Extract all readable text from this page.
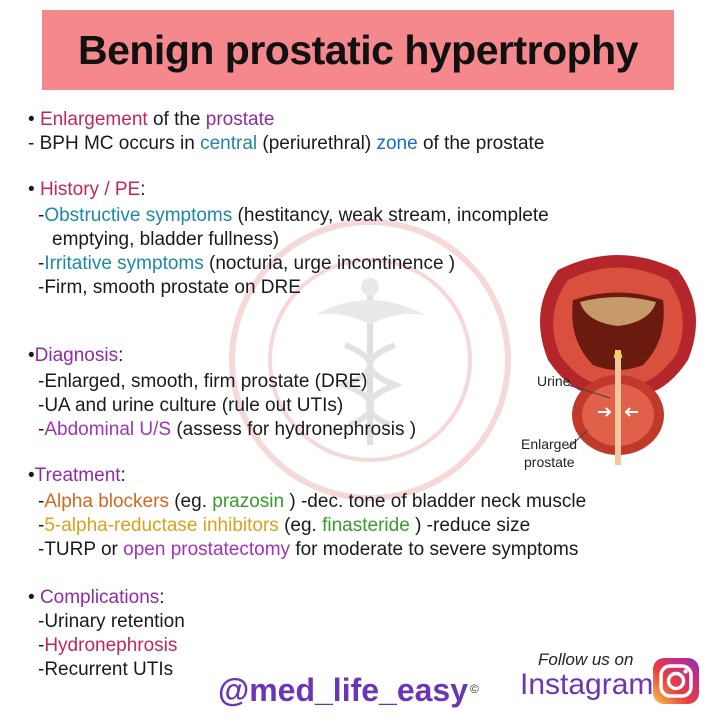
Benign prostatic hypertrophy
• Enlargement of the prostate
- BPH MC occurs in central (periurethral) zone of the prostate
• History / PE:
-Obstructive symptoms (hestitancy, weak stream, incomplete
emptying, bladder fullness)
-Irritative symptoms (nocturia, urge incontinence )
-Firm, smooth prostate on DRE
•Diagnosis:
-Enlarged, smooth, firm prostate (DRE)
-UA and urine culture (rule out UTIs)
-Abdominal U/S (assess for hydronephrosis )
•Treatment:
-Alpha blockers (eg. prazosin ) -dec. tone of bladder neck muscle
-5-alpha-reductase inhibitors (eg. finasteride ) -reduce size
-TURP or open prostatectomy for moderate to severe symptoms
• Complications:
-Urinary retention
-Hydronephrosis
-Recurrent UTIs
Urine
Enlarged
prostate
@med_life_easy ©
Follow us on
Instagram
